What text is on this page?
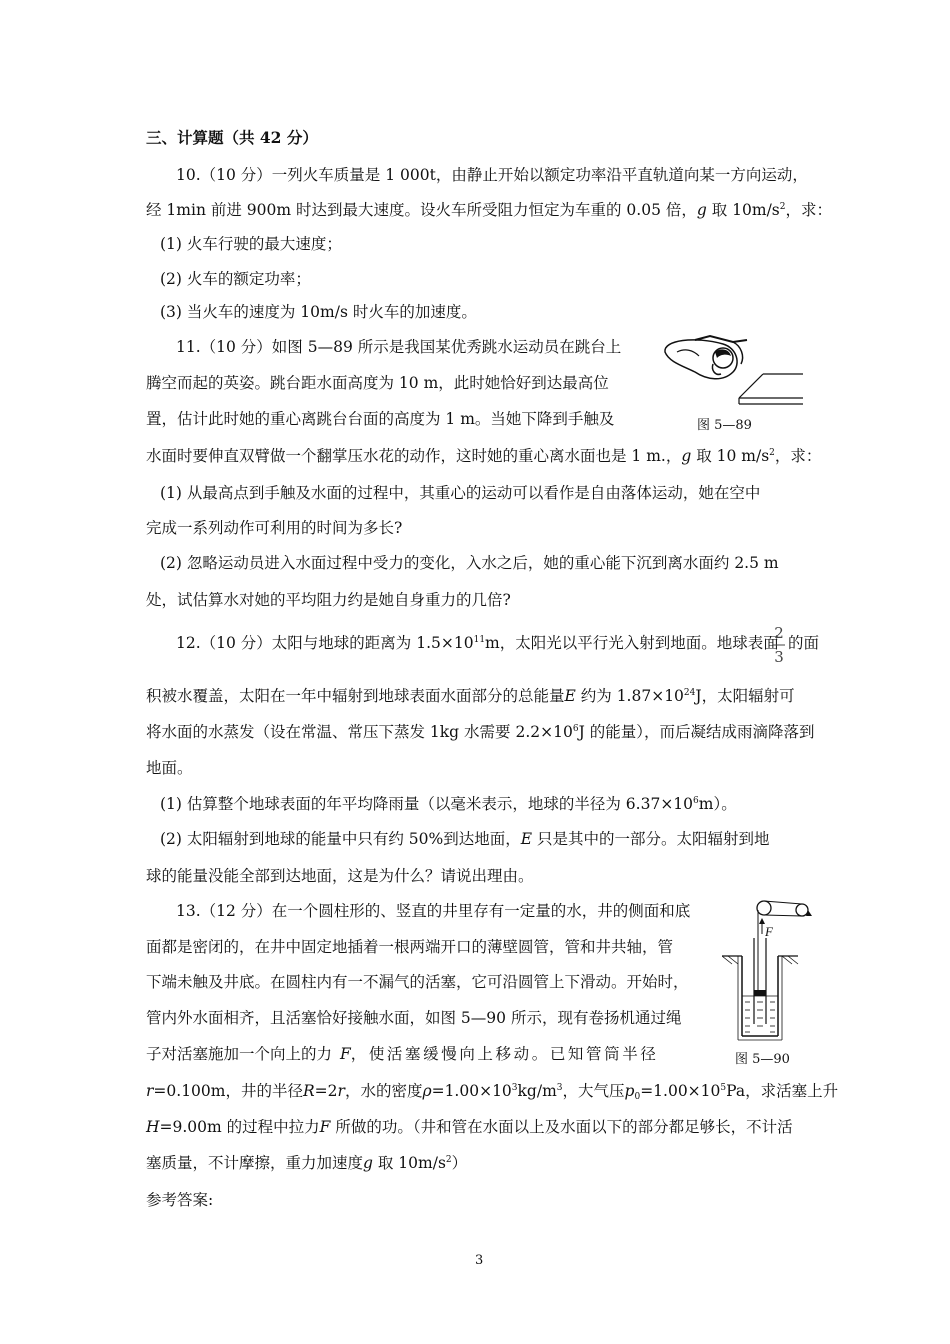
三、计算题（共 42 分）
10.（10 分）一列火车质量是 1 000t，由静止开始以额定功率沿平直轨道向某一方向运动，
经 1min 前进 900m 时达到最大速度。设火车所受阻力恒定为车重的 0.05 倍，g 取 $10m/s^2$，求：
(1) 火车行驶的最大速度；
(2) 火车的额定功率；
(3) 当火车的速度为 10m/s 时火车的加速度。
11.（10 分）如图 5—89 所示是我国某优秀跳水运动员在跳台上
腾空而起的英姿。跳台距水面高度为 10 m，此时她恰好到达最高位
置，估计此时她的重心离跳台台面的高度为 1 m。当她下降到手触及
水面时要伸直双臂做一个翻掌压水花的动作，这时她的重心离水面也是 1 m.，g 取 10 $m/s^2$，求：
(1) 从最高点到手触及水面的过程中，其重心的运动可以看作是自由落体运动，她在空中
完成一系列动作可利用的时间为多长?
(2) 忽略运动员进入水面过程中受力的变化，入水之后，她的重心能下沉到离水面约 2.5 m
处，试估算水对她的平均阻力约是她自身重力的几倍?
图 5—89
12.（10 分）太阳与地球的距离为 $1.5\times 10^{11}m$，太阳光以平行光入射到地面。地球表面
2
3
的面
积被水覆盖，太阳在一年中辐射到地球表面水面部分的总能量E 约为 $1.87\times 10^{24}J$，太阳辐射可
将水面的水蒸发（设在常温、常压下蒸发 1kg 水需要 $2.2\times 10^6J$ 的能量），而后凝结成雨滴降落到
地面。
(1) 估算整个地球表面的年平均降雨量（以毫米表示，地球的半径为 $6.37\times 10^6m$）。
(2) 太阳辐射到地球的能量中只有约 50%到达地面，E 只是其中的一部分。太阳辐射到地
球的能量没能全部到达地面，这是为什么？请说出理由。
13.（12 分）在一个圆柱形的、竖直的井里存有一定量的水，井的侧面和底
面都是密闭的，在井中固定地插着一根两端开口的薄壁圆管，管和井共轴，管
下端未触及井底。在圆柱内有一不漏气的活塞，它可沿圆管上下滑动。开始时，
管内外水面相齐，且活塞恰好接触水面，如图 5—90 所示，现有卷扬机通过绳
子对活塞施加一个向上的力 F，使活塞缓慢向上移动。已知管筒半径
r=0.100m，井的半径R=2r，水的密度$\rho=1.00\times 10^3kg/m^3$，大气压$p_0=1.00\times 10^5Pa$，求活塞上升
H=9.00m 的过程中拉力F 所做的功。（井和管在水面以上及水面以下的部分都足够长，不计活
塞质量，不计摩擦，重力加速度g 取 $10m/s^2$）
F
图 5—90
参考答案:
3
